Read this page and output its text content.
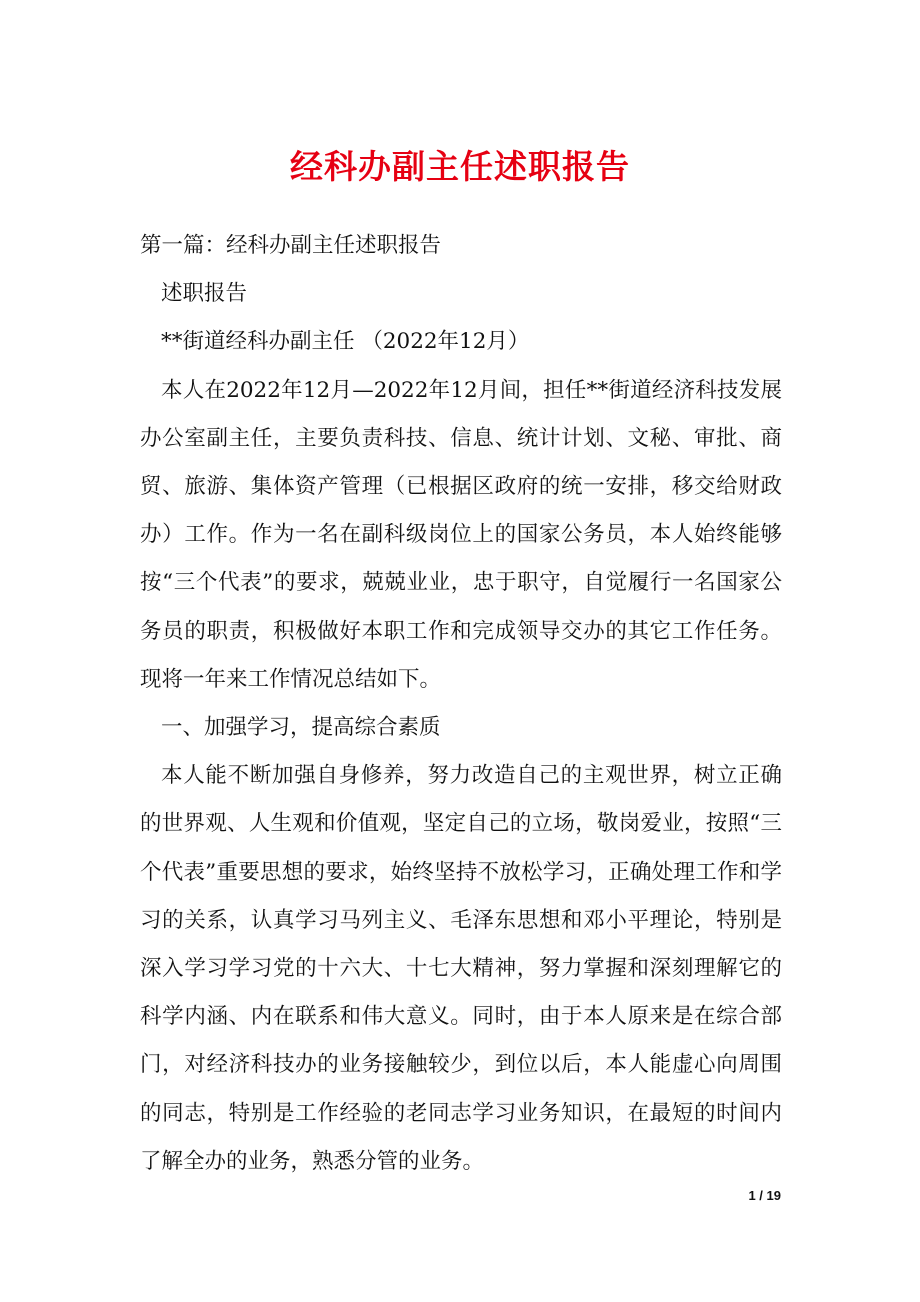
经科办副主任述职报告

第一篇：经科办副主任述职报告

述职报告

**街道经科办副主任 （2022年12月）

本人在2022年12月—2022年12月间，担任**街道经济科技发展办公室副主任，主要负责科技、信息、统计计划、文秘、审批、商贸、旅游、集体资产管理（已根据区政府的统一安排，移交给财政办）工作。作为一名在副科级岗位上的国家公务员，本人始终能够按“三个代表”的要求，兢兢业业，忠于职守，自觉履行一名国家公务员的职责，积极做好本职工作和完成领导交办的其它工作任务。现将一年来工作情况总结如下。

一、加强学习，提高综合素质

本人能不断加强自身修养，努力改造自己的主观世界，树立正确的世界观、人生观和价值观，坚定自己的立场，敬岗爱业，按照“三个代表”重要思想的要求，始终坚持不放松学习，正确处理工作和学习的关系，认真学习马列主义、毛泽东思想和邓小平理论，特别是深入学习学习党的十六大、十七大精神，努力掌握和深刻理解它的科学内涵、内在联系和伟大意义。同时，由于本人原来是在综合部门，对经济科技办的业务接触较少，到位以后，本人能虚心向周围的同志，特别是工作经验的老同志学习业务知识，在最短的时间内了解全办的业务，熟悉分管的业务。

1 / 19
